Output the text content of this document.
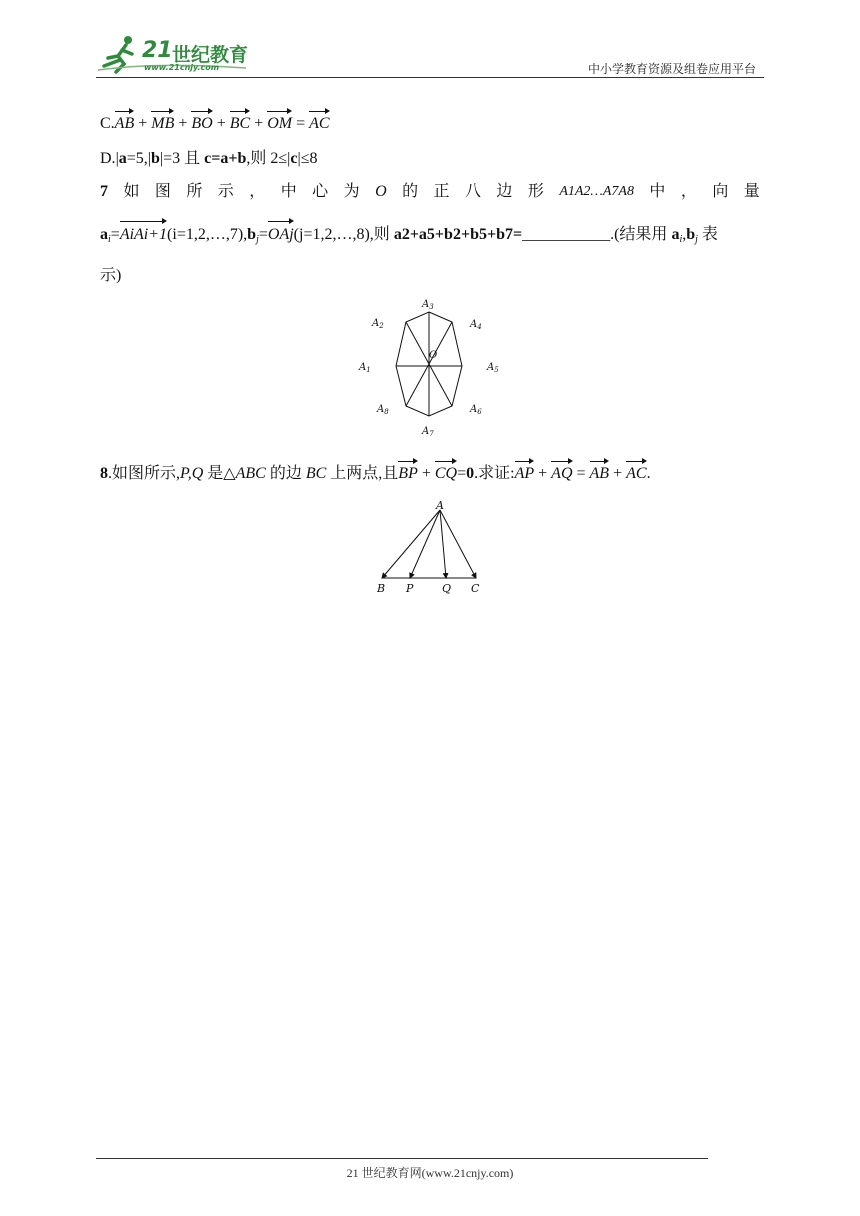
21 世纪教育
www.21cnjy.com	中小学教育资源及组卷应用平台
C.AB + MB + BO + BC + OM = AC
D.|a=5,|b|=3 且 c=a+b,则 2≤|c|≤8
7 如 图 所 示 ， 中 心 为 O 的 正 八 边 形 A1A2…A7A8 中 ， 向 量
$a_i=AiAi+1(i=1,2,\dots,7),b_j=OAj(j=1,2,\dots,8)$,则 a2+a5+b2+b5+b7=___________.(结果用 $a_i,b_j$ 表
示)
$A_3$
$A_2$	$A_4$
$A_1$	$A_5$
$A_8$	$A_6$
$A_7$
O
8.如图所示,P,Q 是△ABC 的边 BC 上两点,且BP + CQ=0.求证:AP + AQ = AB + AC.
A
B P	Q C
21 世纪教育网(www.21cnjy.com)
